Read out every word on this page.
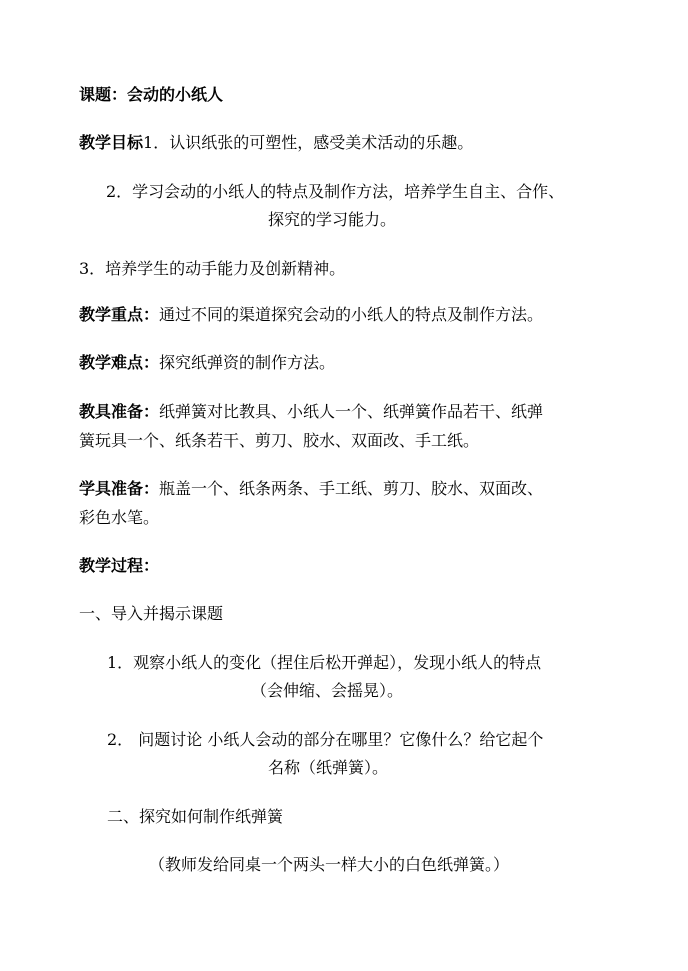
课题：会动的小纸人
教学目标1．认识纸张的可塑性，感受美术活动的乐趣。
2．学习会动的小纸人的特点及制作方法，培养学生自主、合作、
探究的学习能力。
3．培养学生的动手能力及创新精神。
教学重点：通过不同的渠道探究会动的小纸人的特点及制作方法。
教学难点：探究纸弹资的制作方法。
教具准备：纸弹簧对比教具、小纸人一个、纸弹簧作品若干、纸弹
簧玩具一个、纸条若干、剪刀、胶水、双面改、手工纸。
学具准备：瓶盖一个、纸条两条、手工纸、剪刀、胶水、双面改、
彩色水笔。
教学过程：
一、导入并揭示课题
1．观察小纸人的变化（捏住后松开弹起），发现小纸人的特点
（会伸缩、会摇晃）。
2． 问题讨论 小纸人会动的部分在哪里？它像什么？给它起个
名称（纸弹簧）。
二、探究如何制作纸弹簧
（教师发给同桌一个两头一样大小的白色纸弹簧。）
